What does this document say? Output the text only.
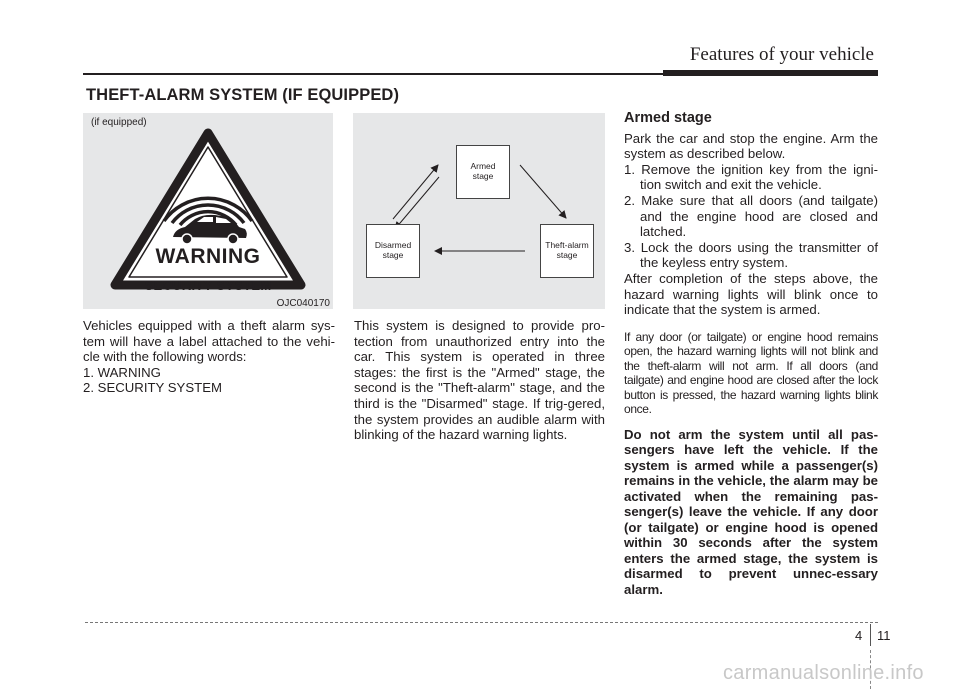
Features of your vehicle
THEFT-ALARM SYSTEM (IF EQUIPPED)
(if equipped)
WARNING
SECURITY SYSTEM
OJC040170
Armed stage
Disarmed stage
Theft-alarm stage
Vehicles equipped with a theft alarm sys-tem will have a label attached to the vehi-cle with the following words:
1. WARNING
2. SECURITY SYSTEM

This system is designed to provide pro-tection from unauthorized entry into the car. This system is operated in three stages: the first is the "Armed" stage, the second is the "Theft-alarm" stage, and the third is the "Disarmed" stage. If trig-gered, the system provides an audible alarm with blinking of the hazard warning lights.

Armed stage

Park the car and stop the engine. Arm the system as described below.

1. Remove the ignition key from the igni-tion switch and exit the vehicle.

2. Make sure that all doors (and tailgate) and the engine hood are closed and latched.

3. Lock the doors using the transmitter of the keyless entry system.

After completion of the steps above, the hazard warning lights will blink once to indicate that the system is armed.

If any door (or tailgate) or engine hood remains open, the hazard warning lights will not blink and the theft-alarm will not arm. If all doors (and tailgate) and engine hood are closed after the lock button is pressed, the hazard warning lights blink once.

Do not arm the system until all pas-sengers have left the vehicle. If the system is armed while a passenger(s) remains in the vehicle, the alarm may be activated when the remaining pas-senger(s) leave the vehicle. If any door (or tailgate) or engine hood is opened within 30 seconds after the system enters the armed stage, the system is disarmed to prevent unnec-essary alarm.

4 11
carmanualsonline.info
